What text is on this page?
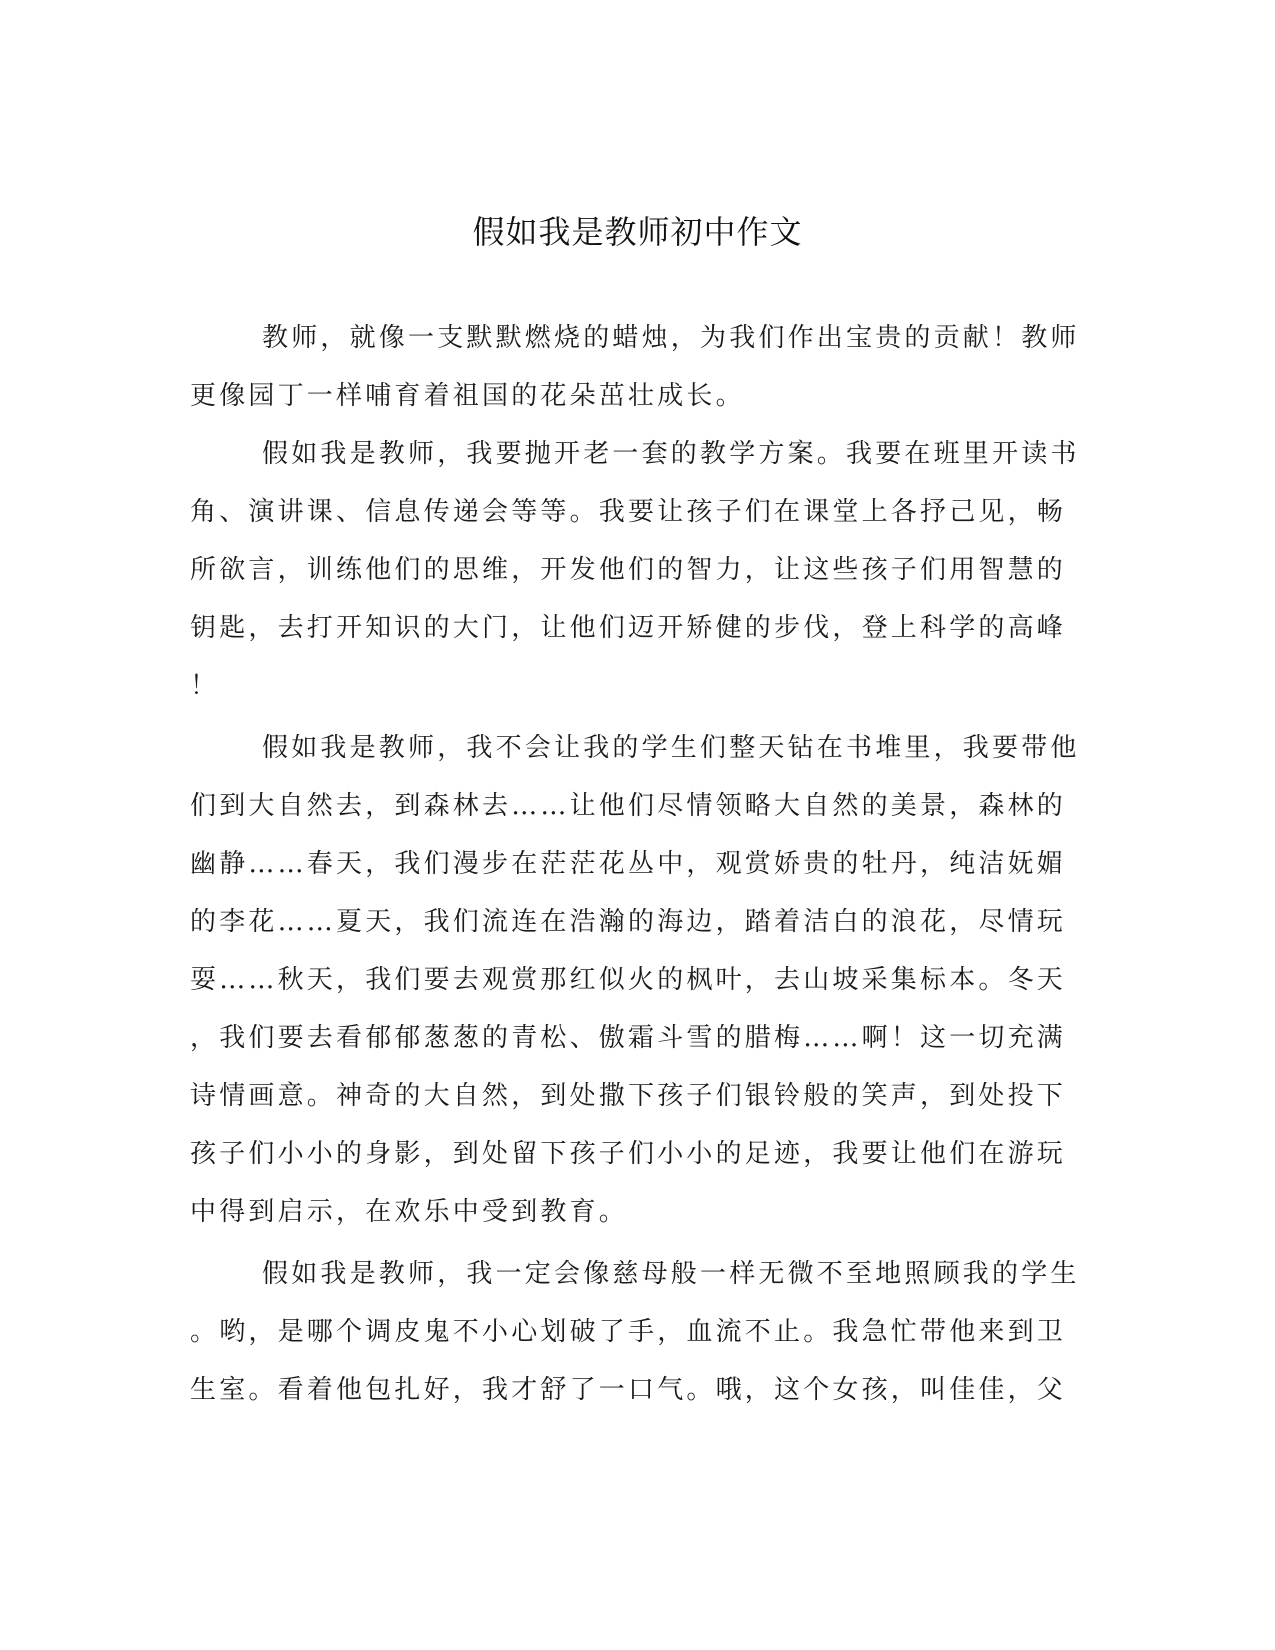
假如我是教师初中作文
教师，就像一支默默燃烧的蜡烛，为我们作出宝贵的贡献！教师
更像园丁一样哺育着祖国的花朵茁壮成长。
假如我是教师，我要抛开老一套的教学方案。我要在班里开读书
角、演讲课、信息传递会等等。我要让孩子们在课堂上各抒己见，畅
所欲言，训练他们的思维，开发他们的智力，让这些孩子们用智慧的
钥匙，去打开知识的大门，让他们迈开矫健的步伐，登上科学的高峰
！
假如我是教师，我不会让我的学生们整天钻在书堆里，我要带他
们到大自然去，到森林去……让他们尽情领略大自然的美景，森林的
幽静……春天，我们漫步在茫茫花丛中，观赏娇贵的牡丹，纯洁妩媚
的李花……夏天，我们流连在浩瀚的海边，踏着洁白的浪花，尽情玩
耍……秋天，我们要去观赏那红似火的枫叶，去山坡采集标本。冬天
，我们要去看郁郁葱葱的青松、傲霜斗雪的腊梅……啊！这一切充满
诗情画意。神奇的大自然，到处撒下孩子们银铃般的笑声，到处投下
孩子们小小的身影，到处留下孩子们小小的足迹，我要让他们在游玩
中得到启示，在欢乐中受到教育。
假如我是教师，我一定会像慈母般一样无微不至地照顾我的学生
。哟，是哪个调皮鬼不小心划破了手，血流不止。我急忙带他来到卫
生室。看着他包扎好，我才舒了一口气。哦，这个女孩，叫佳佳，父
